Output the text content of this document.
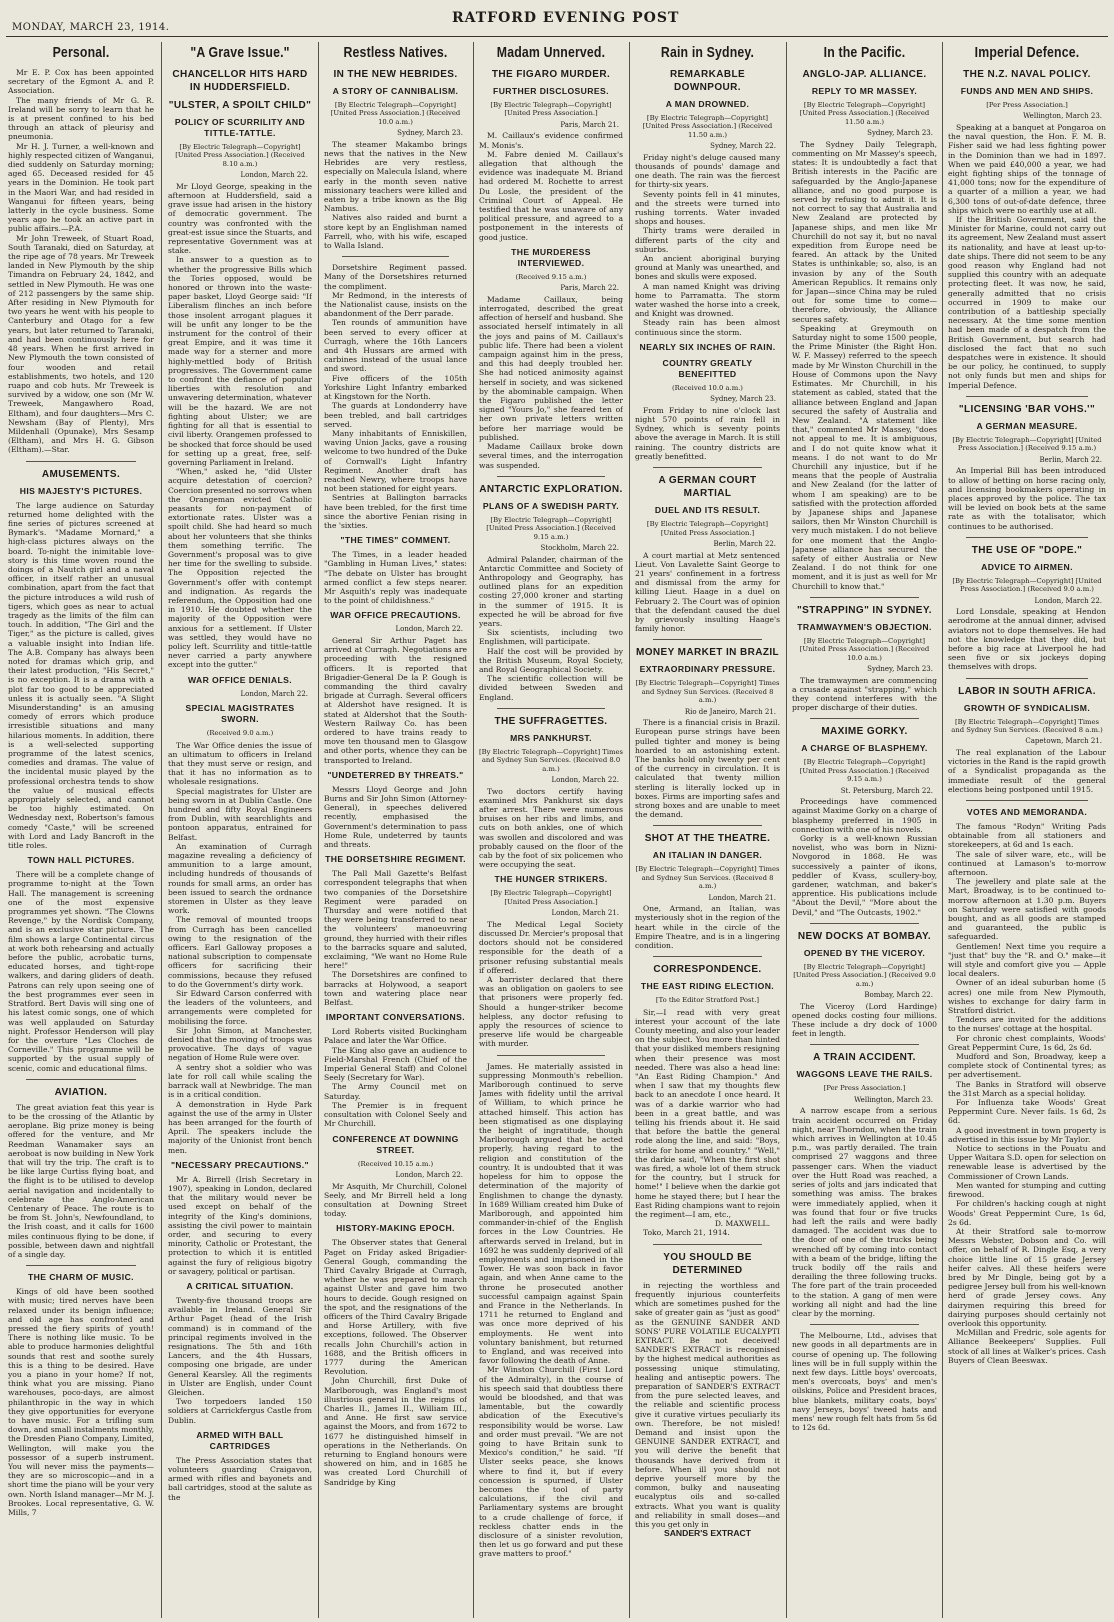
MONDAY, MARCH 23, 1914.
RATFORD EVENING POST
Personal.

Mr E. P. Cox has been appointed secretary of the Egmont A. and P. Association.

The many friends of Mr G. R. Ireland will be sorry to learn that he is at present confined to his bed through an attack of pleurisy and pneumonia.

Mr H. J. Turner, a well-known and highly respected citizen of Wanganui, died suddenly on Saturday morning; aged 65. Deceased resided for 45 years in the Dominion. He took part in the Maori War, and had resided in Wanganui for fifteen years, being latterly in the cycle business. Some years ago he took an active part in public affairs.—P.A.

Mr John Treweek, of Stuart Road, South Taranaki, died on Saturday, at the ripe age of 78 years. Mr Treweek landed in New Plymouth by the ship Timandra on February 24, 1842, and settled in New Plymouth. He was one of 212 passengers by the same ship. After residing in New Plymouth for two years he went with his people to Canterbury and Otago for a few years, but later returned to Taranaki, and had been continuously here for 48 years. When he first arrived in New Plymouth the town consisted of four wooden and retail establishments, two hotels, and 120 ruapo and cob huts. Mr Treweek is survived by a widow, one son (Mr W. Treweek, Mangawhero Road, Eltham), and four daughters—Mrs C. Newsham (Bay of Plenty), Mrs Mildenhall (Opunake), Mrs Sesamp (Eltham), and Mrs H. G. Gibson (Eltham).—Star.

AMUSEMENTS.
HIS MAJESTY'S PICTURES.

The large audience on Saturday returned home delighted with the fine series of pictures screened at Bymark's. "Madame Mornard," a high-class pictures always on the board. To-night the inimitable love-story is this time woven round the doings of a Nautch girl and a naval officer, in itself rather an unusual combination, apart from the fact that the picture introduces a wild rush of tigers, which goes as near to actual tragedy as the limits of the film can touch. In addition, "The Girl and the Tiger," as the picture is called, gives a valuable insight into Indian life. The A.B. Company has always been noted for dramas which grip, and their latest production, "His Secret," is no exception. It is a drama with a plot far too good to be appreciated unless it is actually seen. "A Slight Misunderstanding" is an amusing comedy of errors which produce irresistible situations and many hilarious moments. In addition, there is a well-selected supporting programme of the latest scenics, comedies and dramas. The value of the incidental music played by the professional orchestra tends to show the value of musical effects appropriately selected, and cannot be too highly estimated. On Wednesday next, Robertson's famous comedy "Caste," will be screened with Lord and Lady Bancroft in the title roles.

TOWN HALL PICTURES.

There will be a complete change of programme to-night at the Town Hall. The management is screening one of the most expensive programmes yet shown. "The Clowns Revenge," by the Nordisk Company, and is an exclusive star picture. The film shows a large Continental circus at work both rehearsing and actually before the public, acrobatic turns, educated horses, and tight-rope walkers, and daring gliders of death. Patrons can rely upon seeing one of the best programmes ever seen in Stratford. Bert Davis will sing one of his latest comic songs, one of which was well applauded on Saturday night. Professor Henderson will play for the overture "Les Cloches de Corneville." This programme will be supported by the usual supply of scenic, comic and educational films.

AVIATION.

The great aviation feat this year is to be the crossing of the Atlantic by aeroplane. Big prize money is being offered for the venture, and Mr Reedman Wanamaker says an aeroboat is now building in New York that will try the trip. The craft is to be like large Curtiss flying boat, and the flight is to be utilised to develop aerial navigation and incidentally to celebrate the Anglo-American Centenary of Peace. The route is to be from St. John's, Newfoundland, to the Irish coast, and it calls for 1600 miles continuous flying to be done, if possible, between dawn and nightfall of a single day.

THE CHARM OF MUSIC.

Kings of old have been soothed with music; tired nerves have been relaxed under its benign influence; and old age has confronted and pressed the fiery spirits of youth! There is nothing like music. To be able to produce harmonies delightful sounds that rest and soothe surely this is a thing to be desired. Have you a piano in your home? If not, think what you are missing. Piano warehouses, poco-days, are almost philanthropic in the way in which they give opportunities for everyone to have music. For a trifling sum down, and small instalments monthly, the Dresden Piano Company, Limited, Wellington, will make you the possessor of a superb instrument. You will never miss the payments—they are so microscopic—and in a short time the piano will be your very own. North Island manager—Mr M. J. Brookes. Local representative, G. W. Mills, 7

"A Grave Issue."
CHANCELLOR HITS HARD IN HUDDERSFIELD.
"ULSTER, A SPOILT CHILD"
POLICY OF SCURRILITY AND TITTLE-TATTLE.
[By Electric Telegraph—Copyright] [United Press Association.] (Received 8.10 a.m.)
London, March 22.

Mr Lloyd George, speaking in the afternoon at Huddersfield, said a grave issue had arisen in the history of democratic government. The country was confronted with the great-est issue since the Stuarts, and representative Government was at stake.

In answer to a question as to whether the progressive Bills which the Tories opposed, would be honored or thrown into the waste-paper basket, Lloyd George said: "If Liberalism flinches an inch before those insolent arrogant plagues it will be unfit any longer to be the instrument for the control of their great Empire, and it was time it made way for a sterner and more highly-mettled body of British progressives. The Government came to confront the defiance of popular liberties with resolution and unwavering determination, whatever will be the hazard. We are not fighting about Ulster; we are fighting for all that is essential to civil liberty. Orangemen professed to be shocked that force should be used for setting up a great, free, self-governing Parliament in Ireland.

"When," asked he, "did Ulster acquire detestation of coercion? Coercion presented no sorrows when the Orangeman evicted Catholic peasants for non-payment of extortionate rates. Ulster was a spoilt child. She had heard so much about her volunteers that she thinks them something terrific. The Government's proposal was to give her time for the swelling to subside. The Opposition rejected the Government's offer with contempt and indignation. As regards the referendum, the Opposition had one in 1910. He doubted whether the majority of the Opposition were anxious for a settlement. If Ulster was settled, they would have no policy left. Scurrility and tittle-tattle never carried a party anywhere except into the gutter."

WAR OFFICE DENIALS.
London, March 22.
SPECIAL MAGISTRATES SWORN.
(Received 9.0 a.m.)

The War Office denies the issue of an ultimatum to officers in Ireland that they must serve or resign, and that it has no information as to wholesale resignations.

Special magistrates for Ulster are being sworn in at Dublin Castle. One hundred and fifty Royal Engineers from Dublin, with searchlights and pontoon apparatus, entrained for Belfast.

An examination of Curragh magazine revealing a deficiency of ammunition to a large amount, including hundreds of thousands of rounds for small arms, an order has been issued to search the ordnance storemen in Ulster as they leave work.

The removal of mounted troops from Curragh has been cancelled owing to the resignation of the officers. Earl Galloway proposes a national subscription to compensate officers for sacrificing their commissions, because they refused to do the Government's dirty work.

Sir Edward Carson conferred with the leaders of the volunteers, and arrangements were completed for mobilising the force.

Sir John Simon, at Manchester, denied that the moving of troops was provocative. The days of vague negation of Home Rule were over.

A sentry shot a soldier who was late for roll call while scaling the barrack wall at Newbridge. The man is in a critical condition.

A demonstration in Hyde Park against the use of the army in Ulster has been arranged for the fourth of April. The speakers include the majority of the Unionist front bench men.

"NECESSARY PRECAUTIONS."

Mr A. Birrell (Irish Secretary in 1907), speaking in London, declared that the military would never be used except on behalf of the integrity of the King's dominions, assisting the civil power to maintain order, and securing to every minority, Catholic or Protestant, the protection to which it is entitled against the fury of religious bigotry or savagery, political or partisan.

A CRITICAL SITUATION.

Twenty-five thousand troops are available in Ireland. General Sir Arthur Paget (head of the Irish command) is in command of the principal regiments involved in the resignations. The 5th and 16th Lancers, and the 4th Hussars, composing one brigade, are under General Kearsley. All the regiments in Ulster are English, under Count Gleichen.

Two torpedoers landed 150 soldiers at Carrickfergus Castle from Dublin.

ARMED WITH BALL CARTRIDGES

The Press Association states that volunteers guarding Craigavon, armed with rifles and bayonets and ball cartridges, stood at the salute as the

Restless Natives.
IN THE NEW HEBRIDES.
A STORY OF CANNIBALISM.
[By Electric Telegraph—Copyright] [United Press Association.] (Received 10.0 a.m.)
Sydney, March 23.

The steamer Makambo brings news that the natives in the New Hebrides are very restless, especially on Malecula Island, where early in the month seven native missionary teachers were killed and eaten by a tribe known as the Big Nambus.

Natives also raided and burnt a store kept by an Englishman named Farrell, who, with his wife, escaped to Walla Island.

Dorsetshire Regiment passed. Many of the Dorsetshires returned the compliment.

Mr Redmond, in the interests of the Nationalist cause, insists on the abandonment of the Derr parade.

Ten rounds of ammunition have been served to every officer at Curragh, where the 16th Lancers and 4th Hussars are armed with carbines instead of the usual lance and sword.

Five officers of the 105th Yorkshire Light Infantry embarked at Kingstown for the North.

The guards at Londonderry have been trebled, and ball cartridges served.

Many inhabitants of Enniskillen, waving Union Jacks, gave a rousing welcome to two hundred of the Duke of Cornwall's Light Infantry Regiment. Another draft has reached Newry, where troops have not been stationed for eight years.

Sentries at Ballington barracks have been trebled, for the first time since the abortive Fenian rising in the 'sixties.

"THE TIMES" COMMENT.

The Times, in a leader headed "Gambling in Human Lives," states: "The debate on Ulster has brought armed conflict a few steps nearer. Mr Asquith's reply was inadequate to the point of childishness."

WAR OFFICE PRECAUTIONS.
London, March 22.

General Sir Arthur Paget has arrived at Curragh. Negotiations are proceeding with the resigned officers. It is reported that Brigadier-General De la P. Gough is commanding the third cavalry brigade at Curragh. Several officers at Aldershot have resigned. It is stated at Aldershot that the South-Western Railway Co. has been ordered to have trains ready to move ten thousand men to Glasgow and other ports, whence they can be transported to Ireland.

"UNDETERRED BY THREATS."

Messrs Lloyd George and John Burns and Sir John Simon (Attorney-General), in speeches delivered recently, emphasised the Government's determination to pass Home Rule, undeterred by taunts and threats.

THE DORSETSHIRE REGIMENT.

The Pall Mall Gazette's Belfast correspondent telegraphs that when two companies of the Dorsetshire Regiment were paraded on Thursday and were notified that they were being transferred to near the volunteers' manoeuvring ground, they hurried with their rifles to the barracks square and saluted, exclaiming, "We want no Home Rule here!"

The Dorsetshires are confined to barracks at Holywood, a seaport town and watering place near Belfast.

IMPORTANT CONVERSATIONS.

Lord Roberts visited Buckingham Palace and later the War Office.

The King also gave an audience to Field-Marshal French (Chief of the Imperial General Staff) and Colonel Seely (Secretary for War).

The Army Council met on Saturday.

The Premier is in frequent consultation with Colonel Seely and Mr Churchill.

CONFERENCE AT DOWNING STREET.
(Received 10.15 a.m.)
London, March 22.

Mr Asquith, Mr Churchill, Colonel Seely, and Mr Birrell held a long consultation at Downing Street today.

HISTORY-MAKING EPOCH.

The Observer states that General Paget on Friday asked Brigadier-General Gough, commanding the Third Cavalry Brigade at Curragh, whether he was prepared to march against Ulster and gave him two hours to decide. Gough resigned on the spot, and the resignations of the officers of the Third Cavalry Brigade and Horse Artillery, with five exceptions, followed. The Observer recalls John Churchill's action in 1688, and the British officers in 1777 during the American Revolution.

John Churchill, first Duke of Marlborough, was England's most illustrious general in the reigns of Charles II., James II., William III., and Anne. He first saw service against the Moors, and from 1672 to 1677 he distinguished himself in operations in the Netherlands. On returning to England honours were showered on him, and in 1685 he was created Lord Churchill of Sandridge by King

Madam Unnerved.
THE FIGARO MURDER.
FURTHER DISCLOSURES.
[By Electric Telegraph—Copyright] [United Press Association.]
Paris, March 21.

M. Caillaux's evidence confirmed M. Monis's.

M. Fabre denied M. Caillaux's allegation that although the evidence was inadequate M. Briand had ordered M. Rochette to arrest Du Losle, the president of the Criminal Court of Appeal. He testified that he was unaware of any political pressure, and agreed to a postponement in the interests of good justice.

THE MURDERESS INTERVIEWED.
(Received 9.15 a.m.)
Paris, March 22.

Madame Caillaux, being interrogated, described the great affection of herself and husband. She associated herself intimately in all the joys and pains of M. Caillaux's public life. There had been a violent campaign against him in the press, and this had deeply troubled her. She had noticed animosity against herself in society, and was sickened by the abominable campaign. When the Figaro published the letter signed "Yours Jo," she feared ten of her own private letters written before her marriage would be published.

Madame Caillaux broke down several times, and the interrogation was suspended.

ANTARCTIC EXPLORATION.
PLANS OF A SWEDISH PARTY.
[By Electric Telegraph—Copyright] [United Press Association.] (Received 9.15 a.m.)
Stockholm, March 22.

Admiral Palander, chairman of the Antarctic Committee and Society of Anthropology and Geography, has outlined plans for an expedition costing 27,000 kroner and starting in the summer of 1915. It is expected he will be abroad for five years.

Six scientists, including two Englishmen, will participate.

Half the cost will be provided by the British Museum, Royal Society, and Royal Geographical Society.

The scientific collection will be divided between Sweden and England.

THE SUFFRAGETTES.
MRS PANKHURST.
[By Electric Telegraph—Copyright] Times and Sydney Sun Services. (Received 8.0 a.m.)
London, March 22.

Two doctors certify having examined Mrs Pankhurst six days after arrest. There were numerous bruises on her ribs and limbs, and cuts on both ankles, one of which was swollen and discolored and was probably caused on the floor of the cab by the foot of six policemen who were occupying the seat.

THE HUNGER STRIKERS.
[By Electric Telegraph—Copyright] [United Press Association.]
London, March 21.

The Medical Legal Society discussed Dr. Mercier's proposal that doctors should not be considered responsible for the death of a prisoner refusing substantial meals if offered.

A barrister declared that there was an obligation on gaolers to see that prisoners were properly fed. Should a hunger-striker become helpless, any doctor refusing to apply the resources of science to preserve life would be chargeable with murder.

James. He materially assisted in suppressing Monmouth's rebellion. Marlborough continued to serve James with fidelity until the arrival of William, to which prince he attached himself. This action has been stigmatised as one displaying the height of ingratitude, though Marlborough argued that he acted properly, having regard to the religion and constitution of the country. It is undoubted that it was hopeless for him to oppose the determination of the majority of Englishmen to change the dynasty. In 1689 William created him Duke of Marlborough, and appointed him commander-in-chief of the English forces in the Low Countries. He afterwards served in Ireland, but in 1692 he was suddenly deprived of all employments and imprisoned in the Tower. He was soon back in favor again, and when Anne came to the throne he prosecuted another successful campaign against Spain and France in the Netherlands. In 1711 he returned to England and was once more deprived of his employments. He went into voluntary banishment, but returned to England, and was received into favor following the death of Anne.

Mr Winston Churchill (First Lord of the Admiralty), in the course of his speech said that doubtless there would be bloodshed, and that was lamentable, but the cowardly abdication of the Executive's responsibility would be worse. Law and order must prevail. "We are not going to have Britain sunk to Mexico's condition," he said. "If Ulster seeks peace, she knows where to find it, but if every concession is spurned, if Ulster becomes the tool of party calculations, if the civil and Parliamentary systems are brought to a crude challenge of force, if reckless chatter ends in the disclosure of a sinister revolution, then let us go forward and put these grave matters to proof."

Rain in Sydney.
REMARKABLE DOWNPOUR.
A MAN DROWNED.
[By Electric Telegraph—Copyright] [United Press Association.] (Received 11.50 a.m.)
Sydney, March 22.

Friday night's deluge caused many thousands of pounds' damage and one death. The rain was the fiercest for thirty-six years.

Seventy points fell in 41 minutes, and the streets were turned into rushing torrents. Water invaded shops and houses.

Thirty trams were derailed in different parts of the city and suburbs.

An ancient aboriginal burying ground at Manly was unearthed, and bones and skulls were exposed.

A man named Knight was driving home to Parramatta. The storm water washed the horse into a creek, and Knight was drowned.

Steady rain has been almost continuous since the storm.

NEARLY SIX INCHES OF RAIN.
COUNTRY GREATLY BENEFITTED
(Received 10.0 a.m.)
Sydney, March 23.

From Friday to nine o'clock last night 570 points of rain fell in Sydney, which is seventy points above the average in March. It is still raining. The country districts are greatly benefitted.

A GERMAN COURT MARTIAL
DUEL AND ITS RESULT.
[By Electric Telegraph—Copyright] [United Press Association.]
Berlin, March 22.

A court martial at Metz sentenced Lieut. Von Lavalette Saint George to 21 years' confinement in a fortress and dismissal from the army for killing Lieut. Haage in a duel on February 2. The Court was of opinion that the defendant caused the duel by grievously insulting Haage's family honor.

MONEY MARKET IN BRAZIL
EXTRAORDINARY PRESSURE.
[By Electric Telegraph—Copyright] Times and Sydney Sun Services. (Received 8 a.m.)
Rio de Janeiro, March 21.

There is a financial crisis in Brazil. European purse strings have been pulled tighter and money is being hoarded to an astonishing extent. The banks hold only twenty per cent of the currency in circulation. It is calculated that twenty million sterling is literally locked up in boxes. Firms are importing safes and strong boxes and are unable to meet the demand.

SHOT AT THE THEATRE.
AN ITALIAN IN DANGER.
[By Electric Telegraph—Copyright] Times and Sydney Sun Services. (Received 8 a.m.)
London, March 21.

One, Armand, an Italian, was mysteriously shot in the region of the heart while in the circle of the Empire Theatre, and is in a lingering condition.

CORRESPONDENCE.
THE EAST RIDING ELECTION.
[To the Editor Stratford Post.]

Sir,—I read with very great interest your account of the late County meeting, and also your leader on the subject. You more than hinted that your disliked members resigning when their presence was most needed. There was also a head line: "An East Riding Champion." And when I saw that my thoughts flew back to an anecdote I once heard. It was of a darkie warrior who had been in a great battle, and was telling his friends about it. He said that before the battle the general rode along the line, and said: "Boys, strike for home and country." "Well," the darkie said, "When the first shot was fired, a whole lot of them struck for the country, but I struck for home!" I believe when the darkie got home he stayed there; but I hear the East Riding champions want to rejoin the regiment—I am, etc.,

D. MAXWELL.

Toko, March 21, 1914.

YOU SHOULD BE DETERMINED

in rejecting the worthless and frequently injurious counterfeits which are sometimes pushed for the sake of greater gain as "just as good" as the GENUINE SANDER AND SONS' PURE VOLATILE EUCALYPTI EXTRACT. Be not deceived! SANDER'S EXTRACT is recognised by the highest medical authorities as possessing unique stimulating, healing and antiseptic powers. The preparation of SANDER'S EXTRACT from the pure selected leaves, and the reliable and scientific process give it curative virtues peculiarly its own. Therefore, be not misled! Demand and insist upon the GENUINE SANDER EXTRACT, and you will derive the benefit that thousands have derived from it before. When ill you should not deprive yourself more by the common, bulky and nauseating eucalyptus oils and so-called extracts. What you want is quality and reliability in small doses—and this you get only in

SANDER'S EXTRACT
In the Pacific.
ANGLO-JAP. ALLIANCE.
REPLY TO MR MASSEY.
[By Electric Telegraph—Copyright] [United Press Association.] (Received 11.50 a.m.)
Sydney, March 23.

The Sydney Daily Telegraph, commenting on Mr Massey's speech, states: It is undoubtedly a fact that British interests in the Pacific are safeguarded by the Anglo-Japanese alliance, and no good purpose is served by refusing to admit it. It is not correct to say that Australia and New Zealand are protected by Japanese ships, and men like Mr Churchill do not say it, but no naval expedition from Europe need be feared. An attack by the United States is unthinkable; so, also, is an invasion by any of the South American Republics. It remains only for Japan—since China may be ruled out for some time to come—therefore, obviously, the Alliance secures safety.

Speaking at Greymouth on Saturday night to some 1500 people, the Prime Minister (the Right Hon. W. F. Massey) referred to the speech made by Mr Winston Churchill in the House of Commons upon the Navy Estimates. Mr Churchill, in his statement as cabled, stated that the alliance between England and Japan secured the safety of Australia and New Zealand. "A statement like that," commented Mr Massey, "does not appeal to me. It is ambiguous, and I do not quite know what it means. I do not want to do Mr Churchill any injustice, but if he means that the people of Australia and New Zealand (for the latter of whom I am speaking) are to be satisfied with the protection afforded by Japanese ships and Japanese sailors, then Mr Winston Churchill is very much mistaken. I do not believe for one moment that the Anglo-Japanese alliance has secured the safety of either Australia or New Zealand. I do not think for one moment, and it is just as well for Mr Churchill to know that."

"STRAPPING" IN SYDNEY.
TRAMWAYMEN'S OBJECTION.
[By Electric Telegraph—Copyright] [United Press Association.] (Received 10.0 a.m.)
Sydney, March 23.

The tramwaymen are commencing a crusade against "strapping," which they contend interferes with the proper discharge of their duties.

MAXIME GORKY.
A CHARGE OF BLASPHEMY.
[By Electric Telegraph—Copyright] [United Press Association.] (Received 9.15 a.m.)
St. Petersburg, March 22.

Proceedings have commenced against Maxime Gorky on a charge of blasphemy preferred in 1905 in connection with one of his novels.

Gorky is a well-known Russian novelist, who was born in Nizni-Novgorod in 1868. He was successively a painter of ikons, peddler of Kvass, scullery-boy, gardener, watchman, and baker's apprentice. His publications include "About the Devil," "More about the Devil," and "The Outcasts, 1902."

NEW DOCKS AT BOMBAY.
OPENED BY THE VICEROY.
[By Electric Telegraph—Copyright] [United Press Association.] (Received 9.0 a.m.)
Bombay, March 22.

The Viceroy (Lord Hardinge) opened docks costing four millions. These include a dry dock of 1000 feet in length.

A TRAIN ACCIDENT.
WAGGONS LEAVE THE RAILS.
[Per Press Association.]
Wellington, March 23.

A narrow escape from a serious train accident occurred on Friday night, near Thorndon, when the train which arrives in Wellington at 10.45 p.m., was partly derailed. The train comprised 27 waggons and three passenger cars. When the viaduct over the Hutt Road was reached, a series of jolts and jars indicated that something was amiss. The brakes were immediately applied, when it was found that four or five trucks had left the rails and were badly damaged. The accident was due to the door of one of the trucks being wrenched off by coming into contact with a beam of the bridge, lifting the truck bodily off the rails and derailing the three following trucks. The fore part of the train proceeded to the station. A gang of men were working all night and had the line clear by the morning.

The Melbourne, Ltd., advises that new goods in all departments are in course of opening up. The following lines will be in full supply within the next few days. Little boys' overcoats, men's overcoats, boys' and men's oilskins, Police and President braces, blue blankets, military coats, boys' navy Jerseys, boys' tweed hats and mens' new rough felt hats from 5s 6d to 12s 6d.

Imperial Defence.
THE N.Z. NAVAL POLICY.
FUNDS AND MEN AND SHIPS.
[Per Press Association.]
Wellington, March 23.

Speaking at a banquet at Pongaroa on the naval question, the Hon. F. M. B. Fisher said we had less fighting power in the Dominion than we had in 1897. When we paid £40,000 a year, we had eight fighting ships of the tonnage of 41,000 tons; now for the expenditure of a quarter of a million a year, we had 6,300 tons of out-of-date defence, three ships which were no earthly use at all.

If the British Government, said the Minister for Marine, could not carry out its agreement, New Zealand must assert its nationality, and have at least up-to-date ships. There did not seem to be any good reason why England had not supplied this country with an adequate protecting fleet. It was now, he said, generally admitted that no crisis occurred in 1909 to make our contribution of a battleship specially necessary. At the time some mention had been made of a despatch from the British Government, but search had disclosed the fact that no such despatches were in existence. It should be our policy, he continued, to supply not only funds but men and ships for Imperial Defence.

"LICENSING 'BAR VOHS.'"
A GERMAN MEASURE.
[By Electric Telegraph—Copyright] [United Press Association.] (Received 9.15 a.m.)
Berlin, March 22.

An Imperial Bill has been introduced to allow of betting on horse racing only, and licensing bookmakers operating in places approved by the police. The tax will be levied on book bets at the same rate as with the totalisator, which continues to be authorised.

THE USE OF "DOPE."
ADVICE TO AIRMEN.
[By Electric Telegraph—Copyright] [United Press Association.] (Received 9.0 a.m.)
London, March 22.

Lord Lonsdale, speaking at Hendon aerodrome at the annual dinner, advised aviators not to dope themselves. He had not the knowledge that they did, but before a big race at Liverpool he had seen five or six jockeys doping themselves with drops.

LABOR IN SOUTH AFRICA.
GROWTH OF SYNDICALISM.
[By Electric Telegraph—Copyright] Times and Sydney Sun Services. (Received 8 a.m.)
Capetown, March 21.

The real explanation of the Labour victories in the Rand is the rapid growth of a Syndicalist propaganda as the immediate result of the general elections being postponed until 1915.

VOTES AND MEMORANDA.

The famous "Rodyn" Writing Pads obtainable from all stationers and storekeepers, at 6d and 1s each.

The sale of silver ware, etc., will be continued at Lamason's to-morrow afternoon.

The jewellery and plate sale at the Mart, Broadway, is to be continued to-morrow afternoon at 1.30 p.m. Buyers on Saturday were satisfied with goods bought, and as all goods are stamped and guaranteed, the public is safeguarded.

Gentlemen! Next time you require a "just that" buy the "R. and O." make—it will style and comfort give you — Apple local dealers.

Owner of an ideal suburban home (5 acres) one mile from New Plymouth, wishes to exchange for dairy farm in Stratford district.

Tenders are invited for the additions to the nurses' cottage at the hospital.

For chronic chest complaints, Woods' Great Peppermint Cure, 1s 6d, 2s 6d.

Mudford and Son, Broadway, keep a complete stock of Continental tyres; as per advertisement.

The Banks in Stratford will observe the 31st March as a special holiday.

For Influenza take Woods' Great Peppermint Cure. Never fails. 1s 6d, 2s 6d.

A good investment in town property is advertised in this issue by Mr Taylor.

Notice to sections in the Pouatu and Upper Waitara S.D. open for selection on renewable lease is advertised by the Commissioner of Crown Lands.

Men wanted for stumping and cutting firewood.

For children's hacking cough at night Woods' Great Peppermint Cure, 1s 6d, 2s 6d.

At their Stratford sale to-morrow Messrs Webster, Dobson and Co. will offer, on behalf of R. Dingle Esq, a very choice little line of 15 grade Jersey heifer calves. All these heifers were bred by Mr Dingle, being got by a pedigree Jersey bull from his well-known herd of grade Jersey cows. Any dairymen requiring this breed for dairying purposes should certainly not overlook this opportunity.

McMillan and Fredric, sole agents for Alliance Beekeepers' Supplies. Full stock of all lines at Walker's prices. Cash Buyers of Clean Beeswax.
